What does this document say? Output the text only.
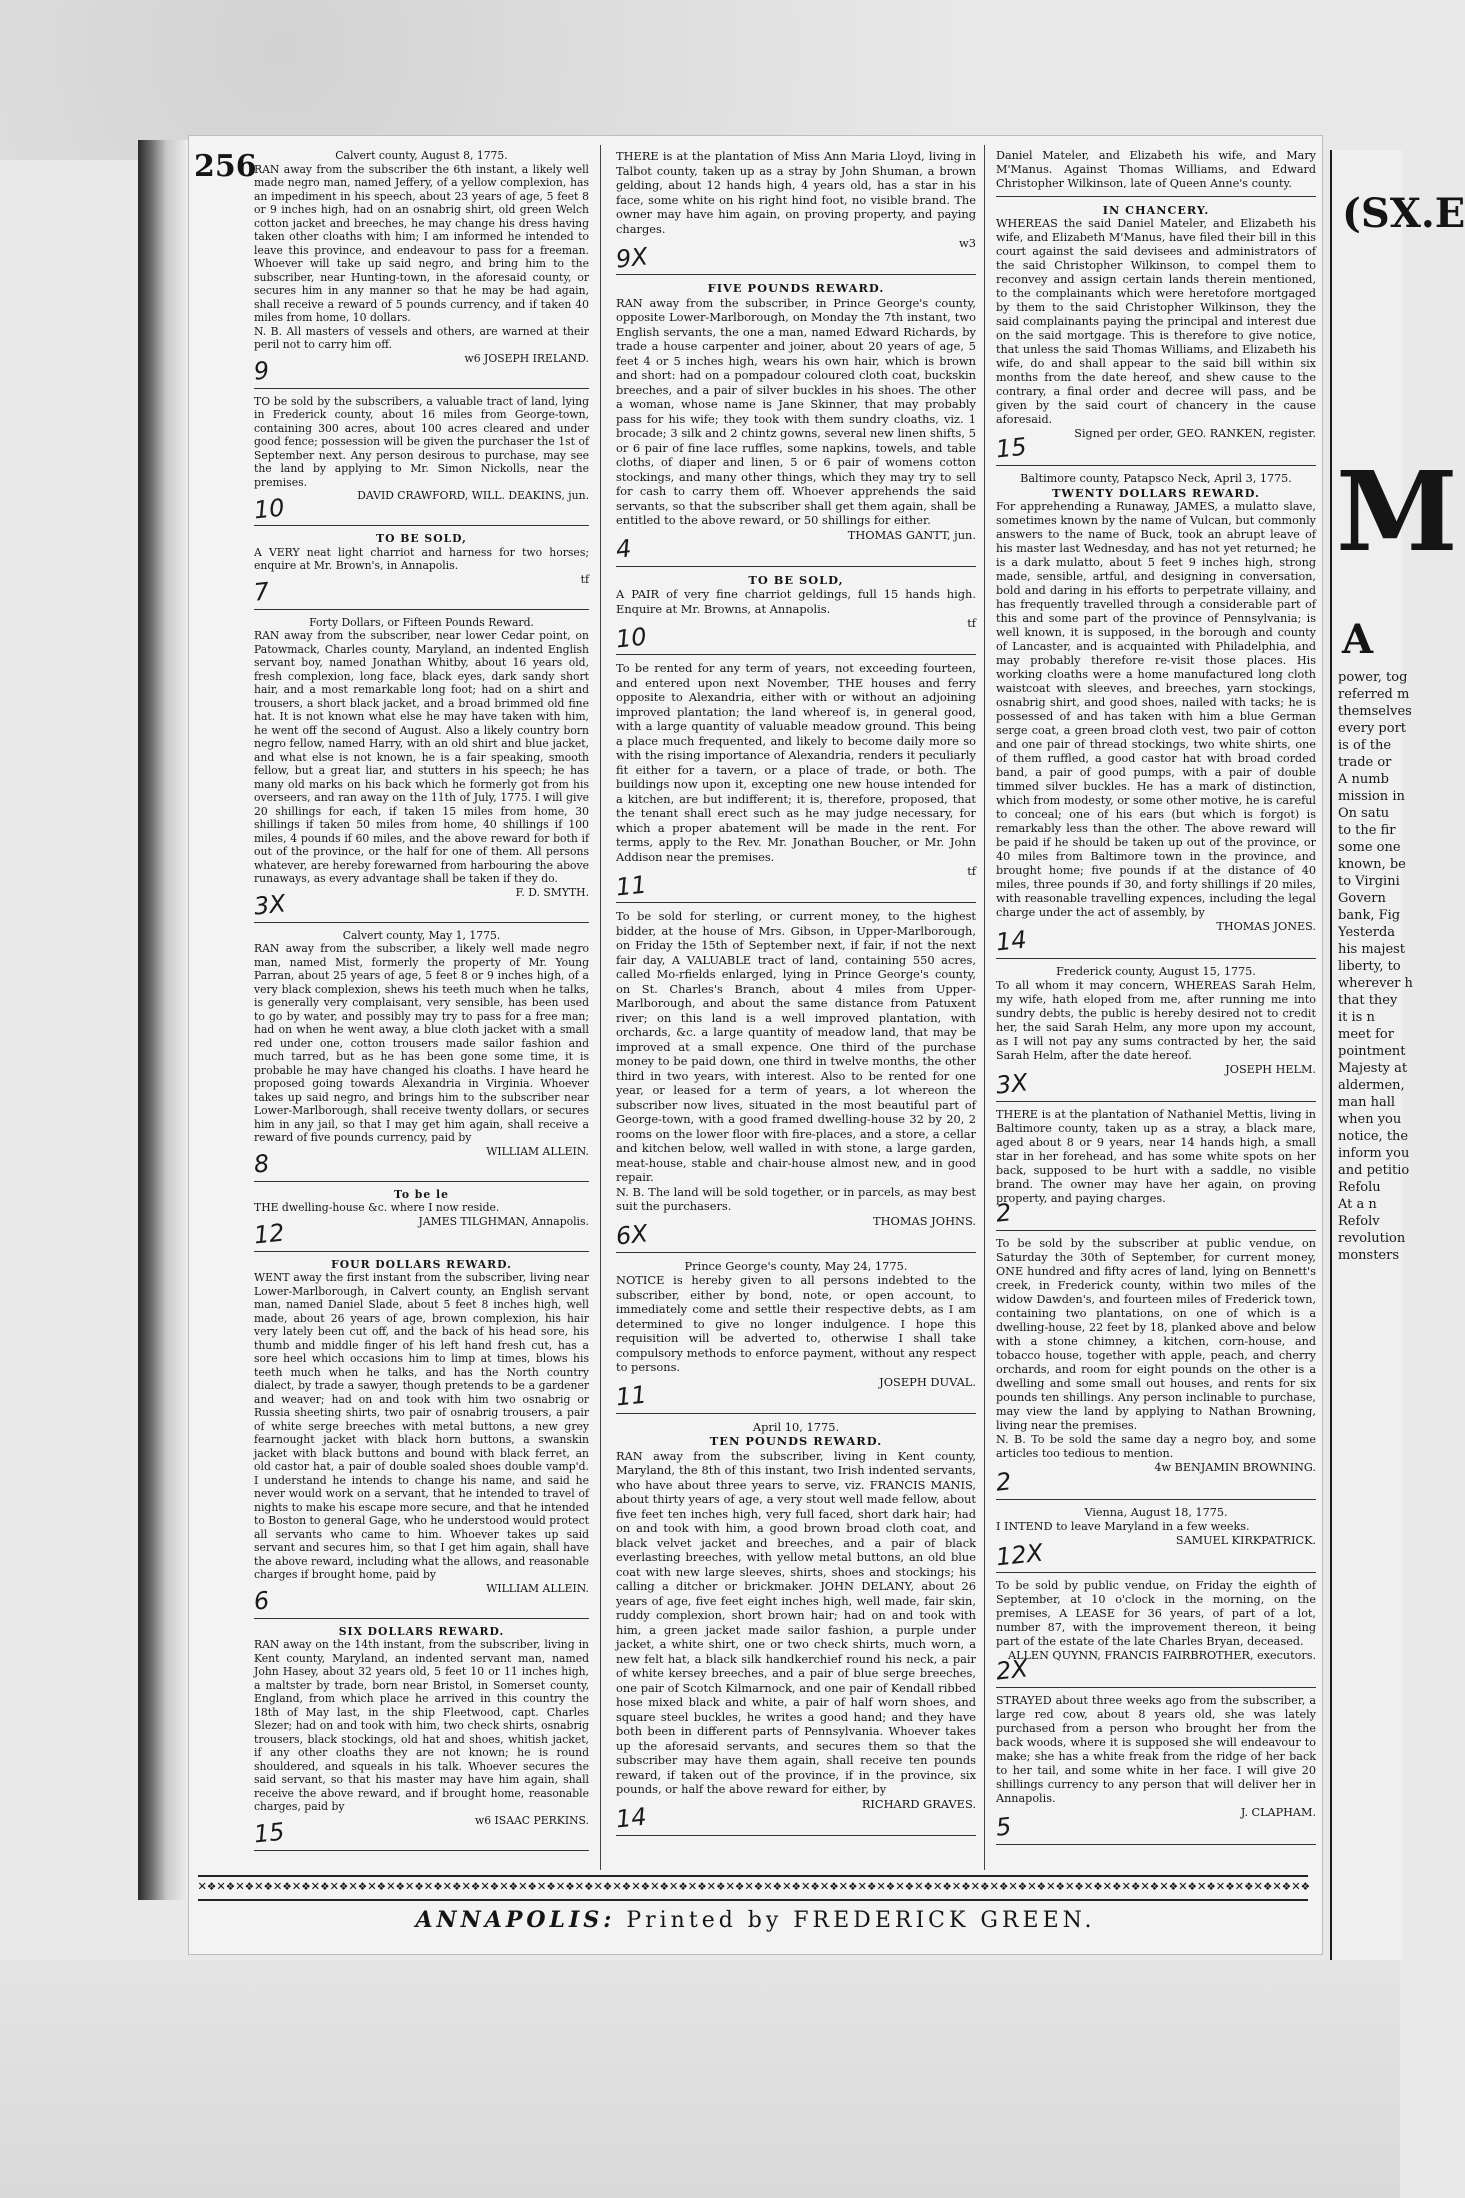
256	Calvert county, August 8, 1775.

RAN away from the subscriber the 6th instant, a likely well made negro man, named Jeffery, of a yellow complexion, has an impediment in his speech, about 23 years of age, 5 feet 8 or 9 inches high, had on an osnabrig shirt, old green Welch cotton jacket and breeches, he may change his dress having taken other cloaths with him; I am informed he intended to leave this province, and endeavour to pass for a freeman. Whoever will take up said negro, and bring him to the subscriber, near Hunting-town, in the aforesaid county, or secures him in any manner so that he may be had again, shall receive a reward of 5 pounds currency, and if taken 40 miles from home, 10 dollars.

N. B. All masters of vessels and others, are warned at their peril not to carry him off.

w6 JOSEPH IRELAND.

9

TO be sold by the subscribers, a valuable tract of land, lying in Frederick county, about 16 miles from George-town, containing 300 acres, about 100 acres cleared and under good fence; possession will be given the purchaser the 1st of September next. Any person desirous to purchase, may see the land by applying to Mr. Simon Nickolls, near the premises.

DAVID CRAWFORD, WILL. DEAKINS, jun.

10

TO BE SOLD,

A VERY neat light charriot and harness for two horses; enquire at Mr. Brown's, in Annapolis.

tf

7

Forty Dollars, or Fifteen Pounds Reward.

RAN away from the subscriber, near lower Cedar point, on Patowmack, Charles county, Maryland, an indented English servant boy, named Jonathan Whitby, about 16 years old, fresh complexion, long face, black eyes, dark sandy short hair, and a most remarkable long foot; had on a shirt and trousers, a short black jacket, and a broad brimmed old fine hat. It is not known what else he may have taken with him, he went off the second of August. Also a likely country born negro fellow, named Harry, with an old shirt and blue jacket, and what else is not known, he is a fair speaking, smooth fellow, but a great liar, and stutters in his speech; he has many old marks on his back which he formerly got from his overseers, and ran away on the 11th of July, 1775. I will give 20 shillings for each, if taken 15 miles from home, 30 shillings if taken 50 miles from home, 40 shillings if 100 miles, 4 pounds if 60 miles, and the above reward for both if out of the province, or the half for one of them. All persons whatever, are hereby forewarned from harbouring the above runaways, as every advantage shall be taken if they do.

F. D. SMYTH.

3X

Calvert county, May 1, 1775.

RAN away from the subscriber, a likely well made negro man, named Mist, formerly the property of Mr. Young Parran, about 25 years of age, 5 feet 8 or 9 inches high, of a very black complexion, shews his teeth much when he talks, is generally very complaisant, very sensible, has been used to go by water, and possibly may try to pass for a free man; had on when he went away, a blue cloth jacket with a small red under one, cotton trousers made sailor fashion and much tarred, but as he has been gone some time, it is probable he may have changed his cloaths. I have heard he proposed going towards Alexandria in Virginia. Whoever takes up said negro, and brings him to the subscriber near Lower-Marlborough, shall receive twenty dollars, or secures him in any jail, so that I may get him again, shall receive a reward of five pounds currency, paid by

WILLIAM ALLEIN.

8

To be le

THE dwelling-house &c. where I now reside.

JAMES TILGHMAN, Annapolis.

12

FOUR DOLLARS REWARD.

WENT away the first instant from the subscriber, living near Lower-Marlborough, in Calvert county, an English servant man, named Daniel Slade, about 5 feet 8 inches high, well made, about 26 years of age, brown complexion, his hair very lately been cut off, and the back of his head sore, his thumb and middle finger of his left hand fresh cut, has a sore heel which occasions him to limp at times, blows his teeth much when he talks, and has the North country dialect, by trade a sawyer, though pretends to be a gardener and weaver; had on and took with him two osnabrig or Russia sheeting shirts, two pair of osnabrig trousers, a pair of white serge breeches with metal buttons, a new grey fearnought jacket with black horn buttons, a swanskin jacket with black buttons and bound with black ferret, an old castor hat, a pair of double soaled shoes double vamp'd. I understand he intends to change his name, and said he never would work on a servant, that he intended to travel of nights to make his escape more secure, and that he intended to Boston to general Gage, who he understood would protect all servants who came to him. Whoever takes up said servant and secures him, so that I get him again, shall have the above reward, including what the allows, and reasonable charges if brought home, paid by

WILLIAM ALLEIN.

6

SIX DOLLARS REWARD.

RAN away on the 14th instant, from the subscriber, living in Kent county, Maryland, an indented servant man, named John Hasey, about 32 years old, 5 feet 10 or 11 inches high, a maltster by trade, born near Bristol, in Somerset county, England, from which place he arrived in this country the 18th of May last, in the ship Fleetwood, capt. Charles Slezer; had on and took with him, two check shirts, osnabrig trousers, black stockings, old hat and shoes, whitish jacket, if any other cloaths they are not known; he is round shouldered, and squeals in his talk. Whoever secures the said servant, so that his master may have him again, shall receive the above reward, and if brought home, reasonable charges, paid by

w6 ISAAC PERKINS.

15

THERE is at the plantation of Miss Ann Maria Lloyd, living in Talbot county, taken up as a stray by John Shuman, a brown gelding, about 12 hands high, 4 years old, has a star in his face, some white on his right hind foot, no visible brand. The owner may have him again, on proving property, and paying charges.

w3

9X

FIVE POUNDS REWARD.

RAN away from the subscriber, in Prince George's county, opposite Lower-Marlborough, on Monday the 7th instant, two English servants, the one a man, named Edward Richards, by trade a house carpenter and joiner, about 20 years of age, 5 feet 4 or 5 inches high, wears his own hair, which is brown and short: had on a pompadour coloured cloth coat, buckskin breeches, and a pair of silver buckles in his shoes. The other a woman, whose name is Jane Skinner, that may probably pass for his wife; they took with them sundry cloaths, viz. 1 brocade; 3 silk and 2 chintz gowns, several new linen shifts, 5 or 6 pair of fine lace ruffles, some napkins, towels, and table cloths, of diaper and linen, 5 or 6 pair of womens cotton stockings, and many other things, which they may try to sell for cash to carry them off. Whoever apprehends the said servants, so that the subscriber shall get them again, shall be entitled to the above reward, or 50 shillings for either.

THOMAS GANTT, jun.

4

TO BE SOLD,

A PAIR of very fine charriot geldings, full 15 hands high. Enquire at Mr. Browns, at Annapolis.

tf

10

To be rented for any term of years, not exceeding fourteen, and entered upon next November, THE houses and ferry opposite to Alexandria, either with or without an adjoining improved plantation; the land whereof is, in general good, with a large quantity of valuable meadow ground. This being a place much frequented, and likely to become daily more so with the rising importance of Alexandria, renders it peculiarly fit either for a tavern, or a place of trade, or both. The buildings now upon it, excepting one new house intended for a kitchen, are but indifferent; it is, therefore, proposed, that the tenant shall erect such as he may judge necessary, for which a proper abatement will be made in the rent. For terms, apply to the Rev. Mr. Jonathan Boucher, or Mr. John Addison near the premises.

tf

11

To be sold for sterling, or current money, to the highest bidder, at the house of Mrs. Gibson, in Upper-Marlborough, on Friday the 15th of September next, if fair, if not the next fair day, A VALUABLE tract of land, containing 550 acres, called Mo-rfields enlarged, lying in Prince George's county, on St. Charles's Branch, about 4 miles from Upper-Marlborough, and about the same distance from Patuxent river; on this land is a well improved plantation, with orchards, &c. a large quantity of meadow land, that may be improved at a small expence. One third of the purchase money to be paid down, one third in twelve months, the other third in two years, with interest. Also to be rented for one year, or leased for a term of years, a lot whereon the subscriber now lives, situated in the most beautiful part of George-town, with a good framed dwelling-house 32 by 20, 2 rooms on the lower floor with fire-places, and a store, a cellar and kitchen below, well walled in with stone, a large garden, meat-house, stable and chair-house almost new, and in good repair.

N. B. The land will be sold together, or in parcels, as may best suit the purchasers.

THOMAS JOHNS.

6X

Prince George's county, May 24, 1775.

NOTICE is hereby given to all persons indebted to the subscriber, either by bond, note, or open account, to immediately come and settle their respective debts, as I am determined to give no longer indulgence. I hope this requisition will be adverted to, otherwise I shall take compulsory methods to enforce payment, without any respect to persons.

JOSEPH DUVAL.

11

April 10, 1775.

TEN POUNDS REWARD.

RAN away from the subscriber, living in Kent county, Maryland, the 8th of this instant, two Irish indented servants, who have about three years to serve, viz. FRANCIS MANIS, about thirty years of age, a very stout well made fellow, about five feet ten inches high, very full faced, short dark hair; had on and took with him, a good brown broad cloth coat, and black velvet jacket and breeches, and a pair of black everlasting breeches, with yellow metal buttons, an old blue coat with new large sleeves, shirts, shoes and stockings; his calling a ditcher or brickmaker. JOHN DELANY, about 26 years of age, five feet eight inches high, well made, fair skin, ruddy complexion, short brown hair; had on and took with him, a green jacket made sailor fashion, a purple under jacket, a white shirt, one or two check shirts, much worn, a new felt hat, a black silk handkerchief round his neck, a pair of white kersey breeches, and a pair of blue serge breeches, one pair of Scotch Kilmarnock, and one pair of Kendall ribbed hose mixed black and white, a pair of half worn shoes, and square steel buckles, he writes a good hand; and they have both been in different parts of Pennsylvania. Whoever takes up the aforesaid servants, and secures them so that the subscriber may have them again, shall receive ten pounds reward, if taken out of the province, if in the province, six pounds, or half the above reward for either, by

RICHARD GRAVES.

14

Daniel Mateler, and Elizabeth his wife, and Mary M'Manus. Against Thomas Williams, and Edward Christopher Wilkinson, late of Queen Anne's county.

IN CHANCERY.

WHEREAS the said Daniel Mateler, and Elizabeth his wife, and Elizabeth M'Manus, have filed their bill in this court against the said devisees and administrators of the said Christopher Wilkinson, to compel them to reconvey and assign certain lands therein mentioned, to the complainants which were heretofore mortgaged by them to the said Christopher Wilkinson, they the said complainants paying the principal and interest due on the said mortgage. This is therefore to give notice, that unless the said Thomas Williams, and Elizabeth his wife, do and shall appear to the said bill within six months from the date hereof, and shew cause to the contrary, a final order and decree will pass, and be given by the said court of chancery in the cause aforesaid.

Signed per order, GEO. RANKEN, register.

15

Baltimore county, Patapsco Neck, April 3, 1775.

TWENTY DOLLARS REWARD.

For apprehending a Runaway, JAMES, a mulatto slave, sometimes known by the name of Vulcan, but commonly answers to the name of Buck, took an abrupt leave of his master last Wednesday, and has not yet returned; he is a dark mulatto, about 5 feet 9 inches high, strong made, sensible, artful, and designing in conversation, bold and daring in his efforts to perpetrate villainy, and has frequently travelled through a considerable part of this and some part of the province of Pennsylvania; is well known, it is supposed, in the borough and county of Lancaster, and is acquainted with Philadelphia, and may probably therefore re-visit those places. His working cloaths were a home manufactured long cloth waistcoat with sleeves, and breeches, yarn stockings, osnabrig shirt, and good shoes, nailed with tacks; he is possessed of and has taken with him a blue German serge coat, a green broad cloth vest, two pair of cotton and one pair of thread stockings, two white shirts, one of them ruffled, a good castor hat with broad corded band, a pair of good pumps, with a pair of double timmed silver buckles. He has a mark of distinction, which from modesty, or some other motive, he is careful to conceal; one of his ears (but which is forgot) is remarkably less than the other. The above reward will be paid if he should be taken up out of the province, or 40 miles from Baltimore town in the province, and brought home; five pounds if at the distance of 40 miles, three pounds if 30, and forty shillings if 20 miles, with reasonable travelling expences, including the legal charge under the act of assembly, by

THOMAS JONES.

14

Frederick county, August 15, 1775.

To all whom it may concern, WHEREAS Sarah Helm, my wife, hath eloped from me, after running me into sundry debts, the public is hereby desired not to credit her, the said Sarah Helm, any more upon my account, as I will not pay any sums contracted by her, the said Sarah Helm, after the date hereof.

JOSEPH HELM.

3X

THERE is at the plantation of Nathaniel Mettis, living in Baltimore county, taken up as a stray, a black mare, aged about 8 or 9 years, near 14 hands high, a small star in her forehead, and has some white spots on her back, supposed to be hurt with a saddle, no visible brand. The owner may have her again, on proving property, and paying charges.

2

To be sold by the subscriber at public vendue, on Saturday the 30th of September, for current money, ONE hundred and fifty acres of land, lying on Bennett's creek, in Frederick county, within two miles of the widow Dawden's, and fourteen miles of Frederick town, containing two plantations, on one of which is a dwelling-house, 22 feet by 18, planked above and below with a stone chimney, a kitchen, corn-house, and tobacco house, together with apple, peach, and cherry orchards, and room for eight pounds on the other is a dwelling and some small out houses, and rents for six pounds ten shillings. Any person inclinable to purchase, may view the land by applying to Nathan Browning, living near the premises.

N. B. To be sold the same day a negro boy, and some articles too tedious to mention.

4w BENJAMIN BROWNING.

2

Vienna, August 18, 1775.

I INTEND to leave Maryland in a few weeks.

SAMUEL KIRKPATRICK.

12X

To be sold by public vendue, on Friday the eighth of September, at 10 o'clock in the morning, on the premises, A LEASE for 36 years, of part of a lot, number 87, with the improvement thereon, it being part of the estate of the late Charles Bryan, deceased.

ALLEN QUYNN, FRANCIS FAIRBROTHER, executors.

2X

STRAYED about three weeks ago from the subscriber, a large red cow, about 8 years old, she was lately purchased from a person who brought her from the back woods, where it is supposed she will endeavour to make; she has a white freak from the ridge of her back to her tail, and some white in her face. I will give 20 shillings currency to any person that will deliver her in Annapolis.

J. CLAPHAM.

5
✕❖✕❖✕❖✕❖✕❖✕❖✕❖✕❖✕❖✕❖✕❖✕❖✕❖✕❖✕❖✕❖✕❖✕❖✕❖✕❖✕❖✕❖✕❖✕❖✕❖✕❖✕❖✕❖✕❖✕❖✕❖✕❖✕❖✕❖✕❖✕❖✕❖✕❖✕❖✕❖✕❖✕❖✕❖✕❖✕❖✕❖✕❖✕❖✕❖✕❖✕❖✕❖✕❖✕❖✕❖✕❖✕❖✕❖✕❖
ANNAPOLIS: Printed by FREDERICK GREEN.
(SX.E
M
A
power, tog
referred m
themselves
every port
is of the
trade or
A numb
mission in
On satu
to the fir
some one
known, be
to Virgini
Govern
bank, Fig
Yesterda
his majest
liberty, to
wherever h
that they
it is n
meet for
pointment
Majesty at
aldermen,
man hall
when you
notice, the
inform you
and petitio
Refolu
At a n
Refolv
revolution
monsters
